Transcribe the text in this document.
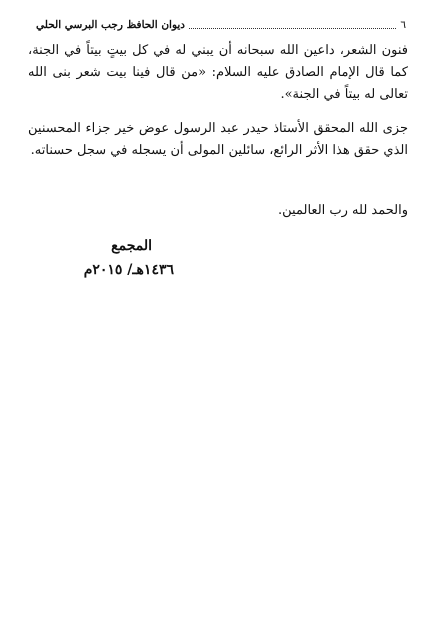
٦
ديوان الحافظ رجب البرسي الحلي

فنون الشعر، داعين الله سبحانه أن يبني له في كل بيتٍ بيتاً في الجنة، كما قال الإمام الصادق عليه السلام: «من قال فينا بيت شعر بنى الله تعالى له بيتاً في الجنة».

جزى الله المحقق الأستاذ حيدر عبد الرسول عوض خير جزاء المحسنين الذي حقق هذا الأثر الرائع، سائلين المولى أن يسجله في سجل حسناته.

والحمد لله رب العالمين.

المجمع
١٤٣٦هـ/ ٢٠١٥م
